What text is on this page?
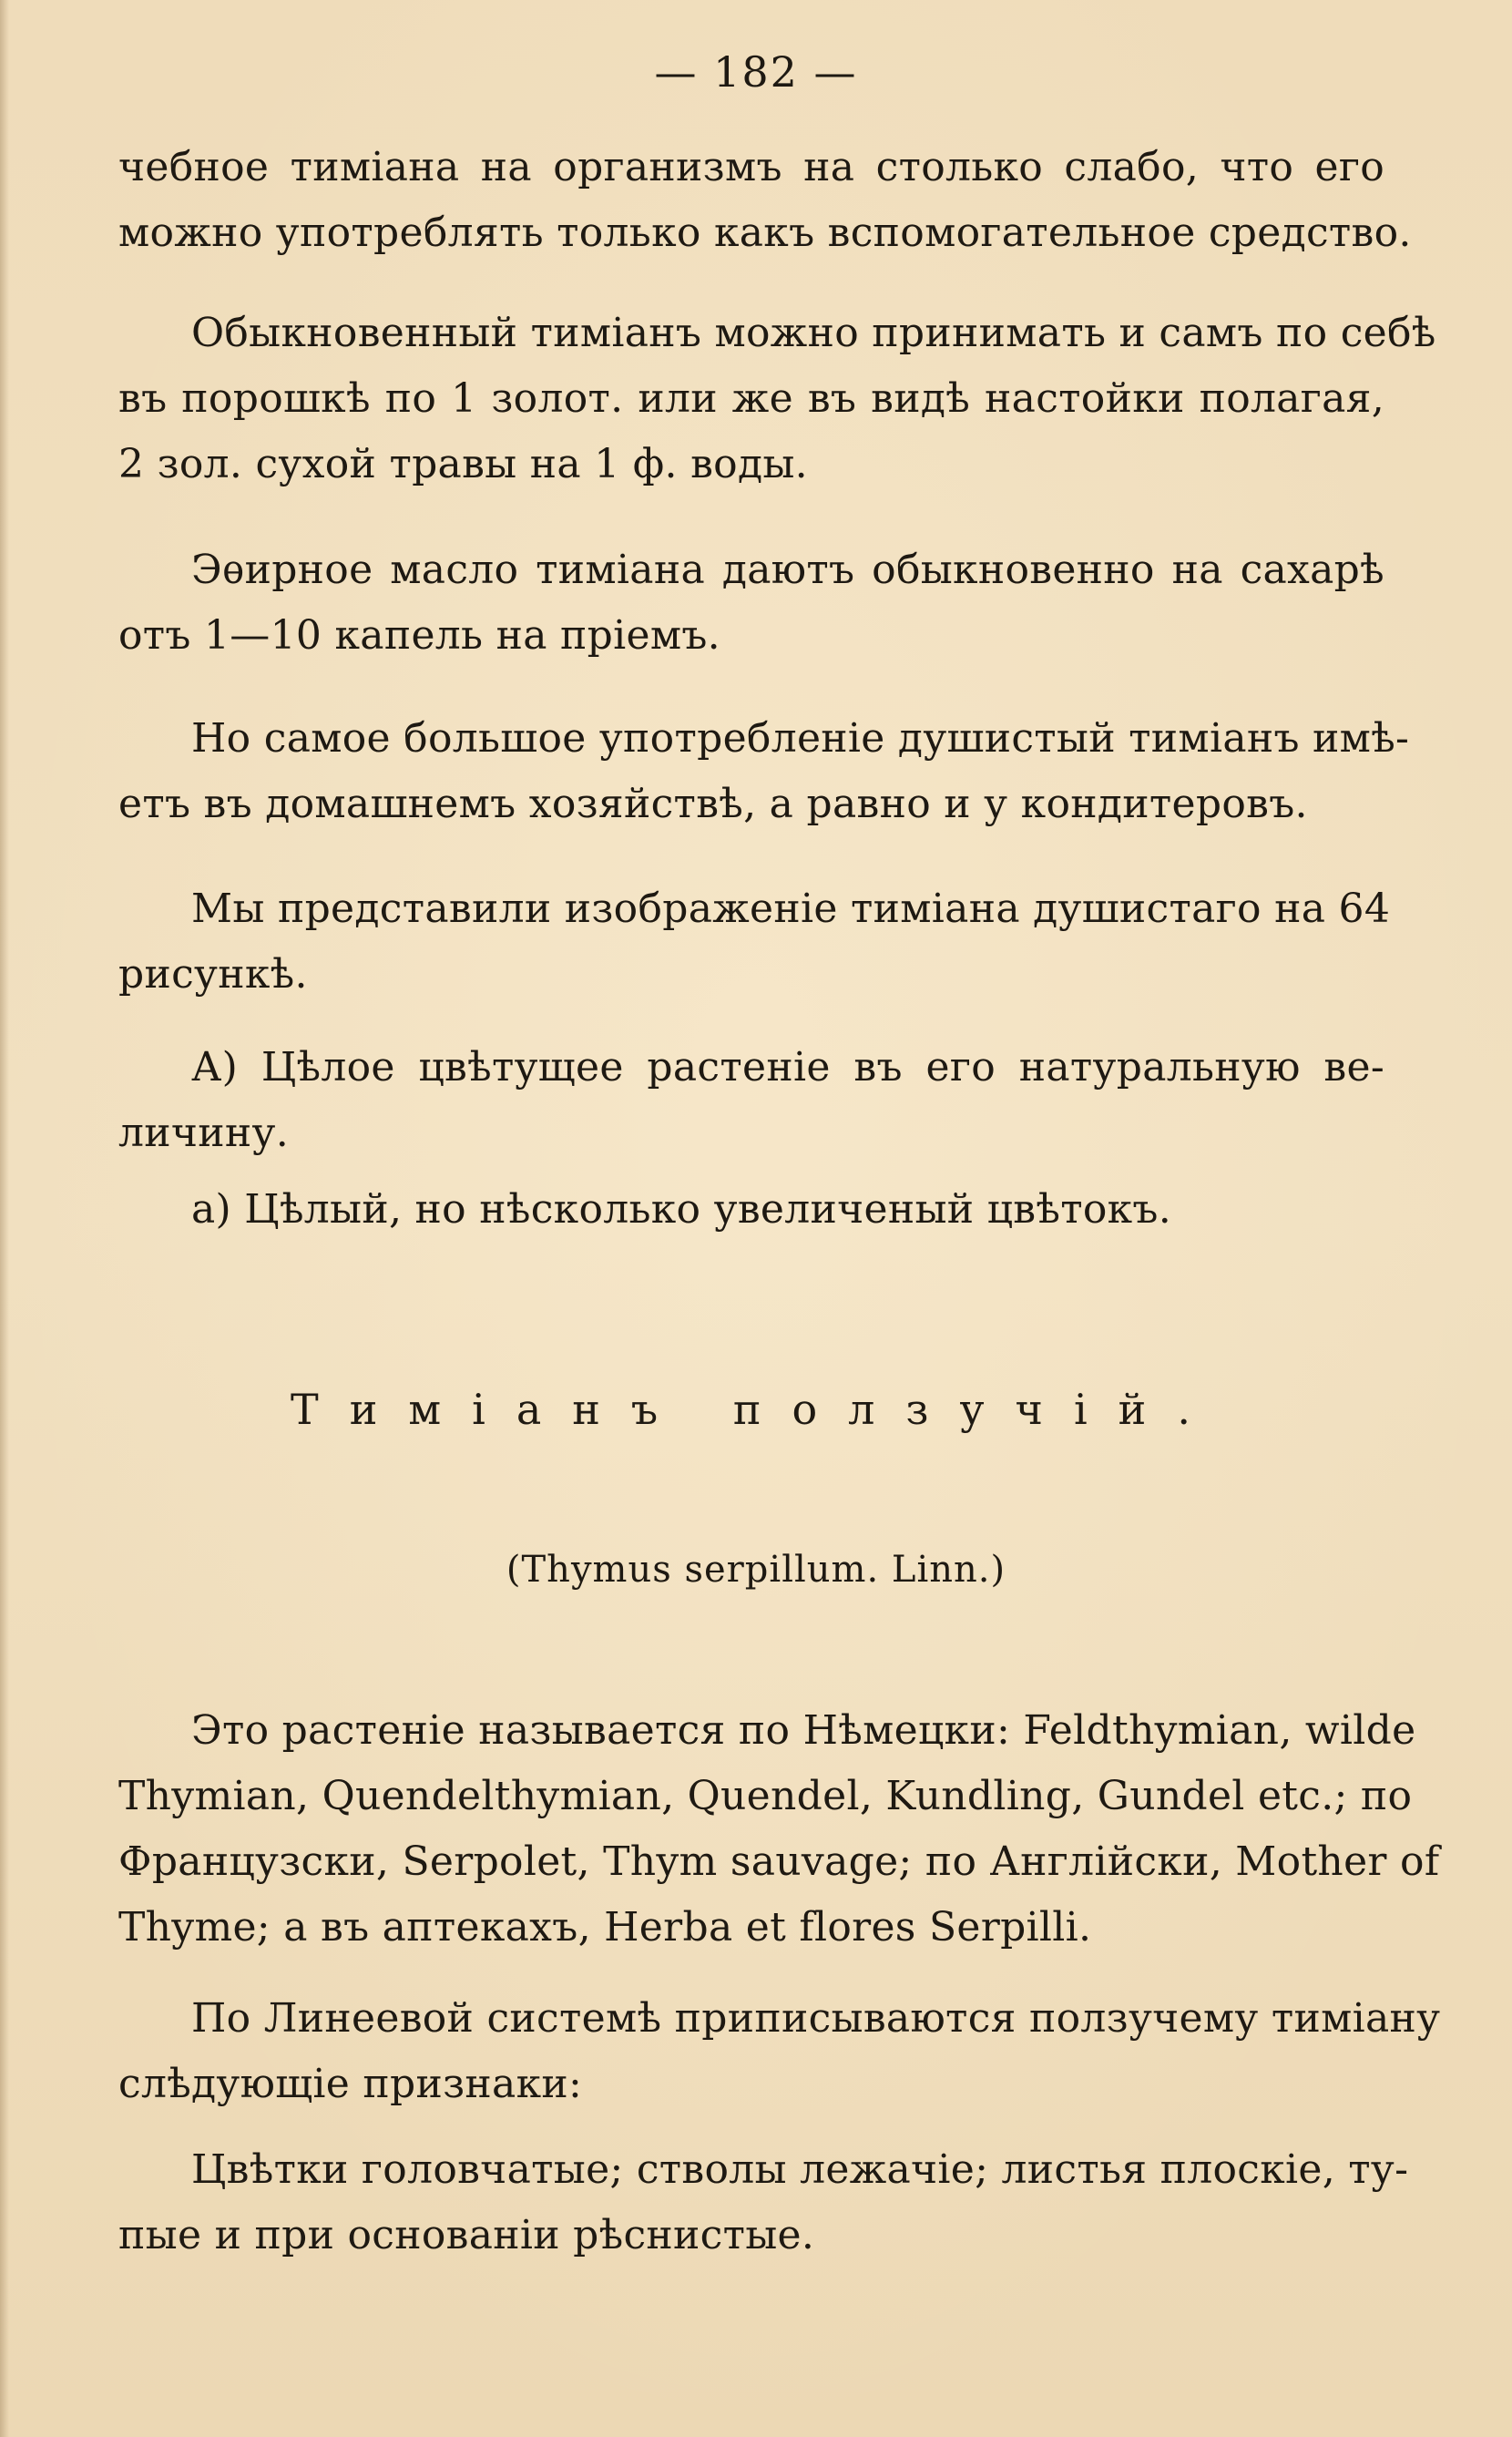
— 182 —
чебное тиміана на организмъ на столько слабо, что его
можно употреблять только какъ вспомогательное средство.
Обыкновенный тиміанъ можно принимать и самъ по себѣ
въ порошкѣ по 1 золот. или же въ видѣ настойки полагая,
2 зол. сухой травы на 1 ф. воды.
Эѳирное масло тиміана даютъ обыкновенно на сахарѣ
отъ 1—10 капель на пріемъ.
Но самое большое употребленіе душистый тиміанъ имѣ-
етъ въ домашнемъ хозяйствѣ, а равно и у кондитеровъ.
Мы представили изображеніе тиміана душистаго на 64
рисункѣ.
А) Цѣлое цвѣтущее растеніе въ его натуральную ве-
личину.
а) Цѣлый, но нѣсколько увеличеный цвѣтокъ.
Тиміанъ ползучій.
(Thymus serpillum. Linn.)
Это растеніе называется по Нѣмецки: Feldthymian, wilde
Thymian, Quendelthymian, Quendel, Kundling, Gundel etc.; по
Французски, Serpolet, Thym sauvage; по Англійски, Mother of
Thyme; а въ аптекахъ, Herba et flores Serpilli.
По Линеевой системѣ приписываются ползучему тиміану
слѣдующіе признаки:
Цвѣтки головчатые; стволы лежачіе; листья плоскіе, ту-
пые и при основаніи рѣснистые.
